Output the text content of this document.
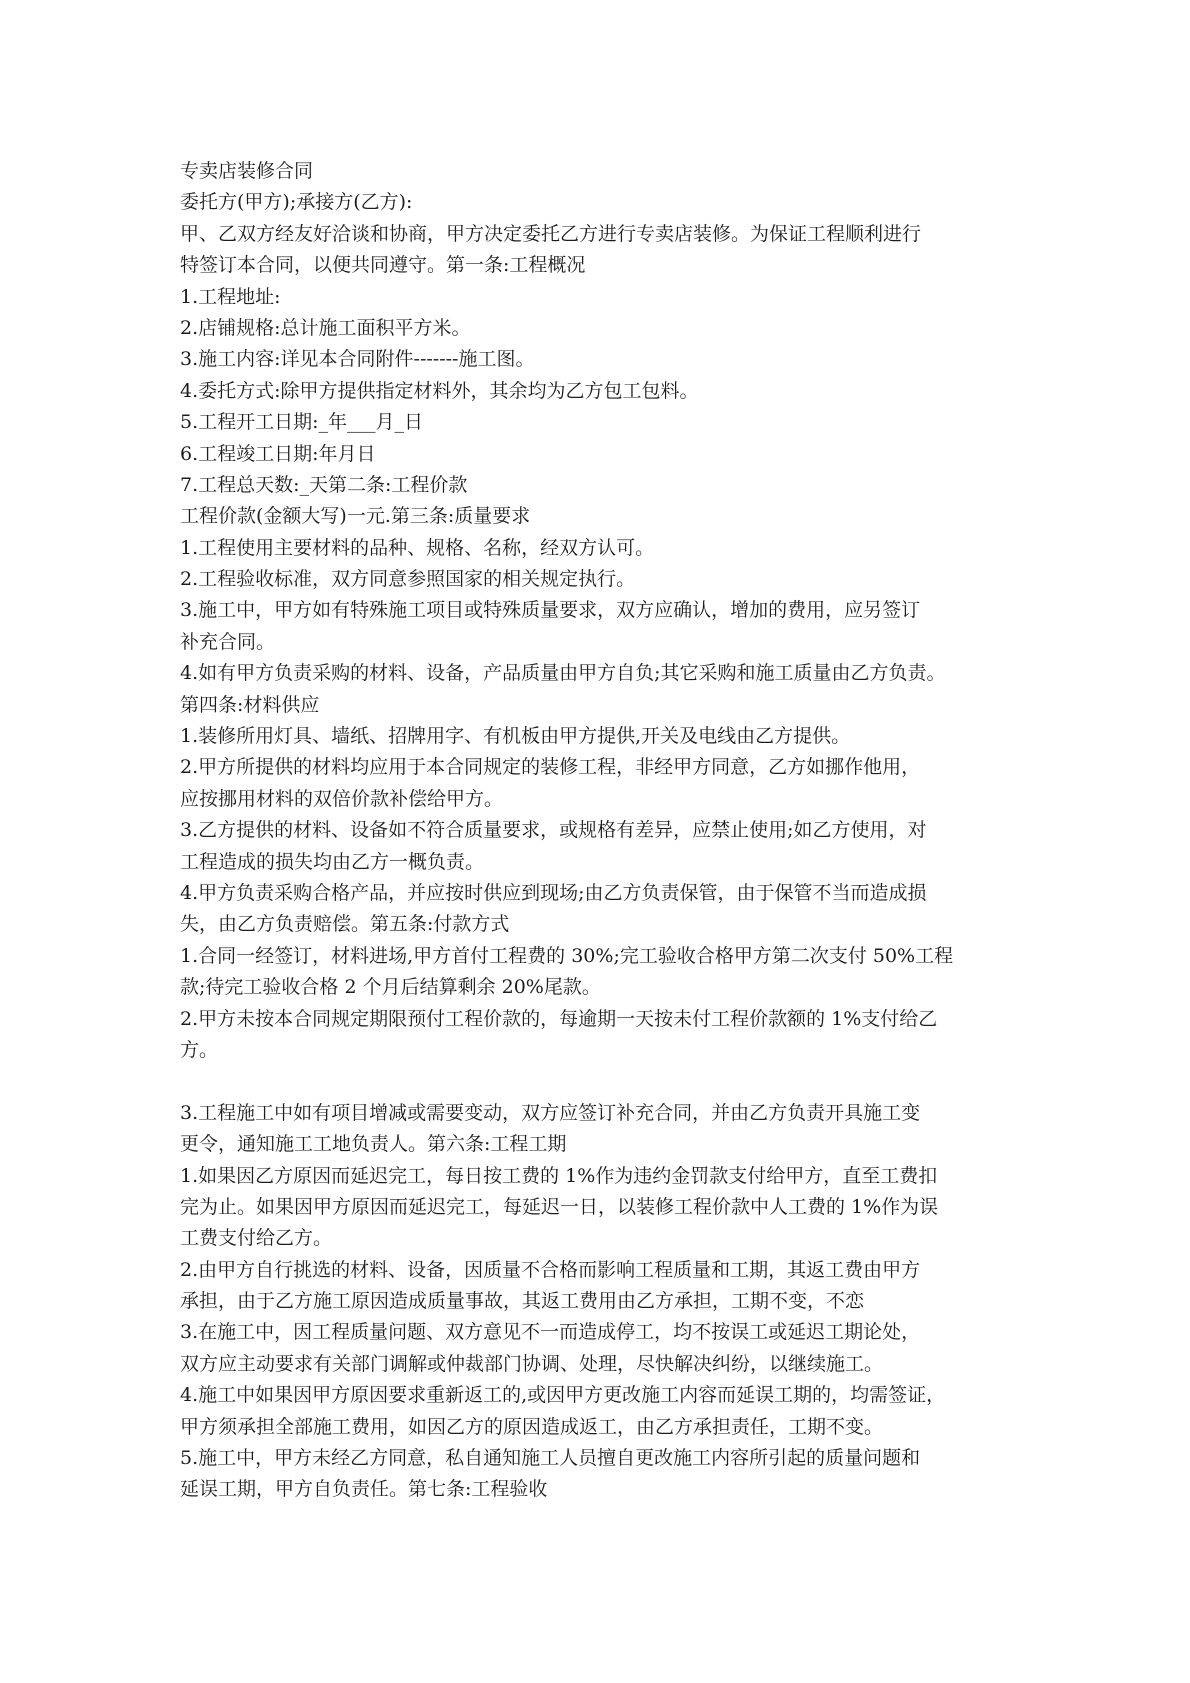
专卖店装修合同
委托方(甲方);承接方(乙方):
甲、乙双方经友好洽谈和协商，甲方决定委托乙方进行专卖店装修。为保证工程顺利进行
特签订本合同，以便共同遵守。第一条:工程概况
1.工程地址:
2.店铺规格:总计施工面积平方米。
3.施工内容:详见本合同附件-------施工图。
4.委托方式:除甲方提供指定材料外，其余均为乙方包工包料。
5.工程开工日期:_年___月_日
6.工程竣工日期:年月日
7.工程总天数:_天第二条:工程价款
工程价款(金额大写)一元.第三条:质量要求
1.工程使用主要材料的品种、规格、名称，经双方认可。
2.工程验收标准，双方同意参照国家的相关规定执行。
3.施工中，甲方如有特殊施工项目或特殊质量要求，双方应确认，增加的费用，应另签订
补充合同。
4.如有甲方负责采购的材料、设备，产品质量由甲方自负;其它采购和施工质量由乙方负责。
第四条:材料供应
1.装修所用灯具、墙纸、招牌用字、有机板由甲方提供,开关及电线由乙方提供。
2.甲方所提供的材料均应用于本合同规定的装修工程，非经甲方同意，乙方如挪作他用，
应按挪用材料的双倍价款补偿给甲方。
3.乙方提供的材料、设备如不符合质量要求，或规格有差异，应禁止使用;如乙方使用，对
工程造成的损失均由乙方一概负责。
4.甲方负责采购合格产品，并应按时供应到现场;由乙方负责保管，由于保管不当而造成损
失，由乙方负责赔偿。第五条:付款方式
1.合同一经签订，材料进场,甲方首付工程费的 30%;完工验收合格甲方第二次支付 50%工程
款;待完工验收合格 2 个月后结算剩余 20%尾款。
2.甲方未按本合同规定期限预付工程价款的，每逾期一天按未付工程价款额的 1%支付给乙
方。
3.工程施工中如有项目增减或需要变动，双方应签订补充合同，并由乙方负责开具施工变
更令，通知施工工地负责人。第六条:工程工期
1.如果因乙方原因而延迟完工，每日按工费的 1%作为违约金罚款支付给甲方，直至工费扣
完为止。如果因甲方原因而延迟完工，每延迟一日，以装修工程价款中人工费的 1%作为误
工费支付给乙方。
2.由甲方自行挑选的材料、设备，因质量不合格而影响工程质量和工期，其返工费由甲方
承担，由于乙方施工原因造成质量事故，其返工费用由乙方承担，工期不变，不恋
3.在施工中，因工程质量问题、双方意见不一而造成停工，均不按误工或延迟工期论处，
双方应主动要求有关部门调解或仲裁部门协调、处理，尽快解决纠纷，以继续施工。
4.施工中如果因甲方原因要求重新返工的,或因甲方更改施工内容而延误工期的，均需签证，
甲方须承担全部施工费用，如因乙方的原因造成返工，由乙方承担责任，工期不变。
5.施工中，甲方未经乙方同意，私自通知施工人员擅自更改施工内容所引起的质量问题和
延误工期，甲方自负责任。第七条:工程验收
